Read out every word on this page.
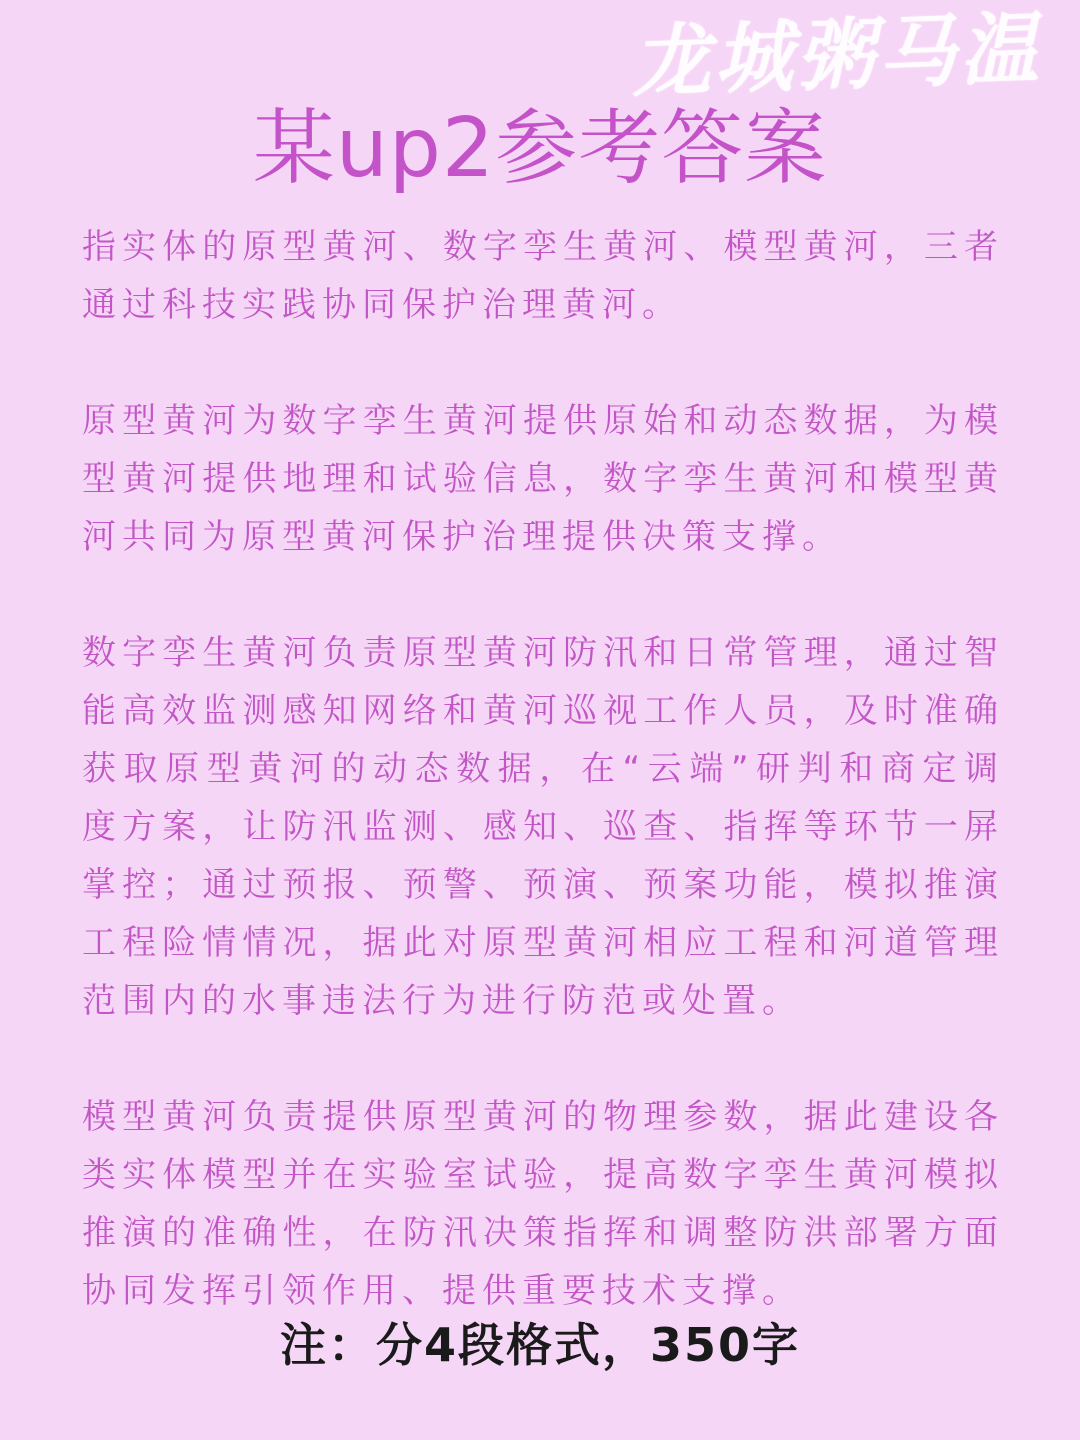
龙城粥马温
某up2参考答案

指实体的原型黄河、数字孪生黄河、模型黄河，三者通过科技实践协同保护治理黄河。

原型黄河为数字孪生黄河提供原始和动态数据，为模型黄河提供地理和试验信息，数字孪生黄河和模型黄河共同为原型黄河保护治理提供决策支撑。

数字孪生黄河负责原型黄河防汛和日常管理，通过智能高效监测感知网络和黄河巡视工作人员，及时准确获取原型黄河的动态数据，在“云端”研判和商定调度方案，让防汛监测、感知、巡查、指挥等环节一屏掌控；通过预报、预警、预演、预案功能，模拟推演工程险情情况，据此对原型黄河相应工程和河道管理范围内的水事违法行为进行防范或处置。

模型黄河负责提供原型黄河的物理参数，据此建设各类实体模型并在实验室试验，提高数字孪生黄河模拟推演的准确性，在防汛决策指挥和调整防洪部署方面协同发挥引领作用、提供重要技术支撑。

注：分4段格式，350字
